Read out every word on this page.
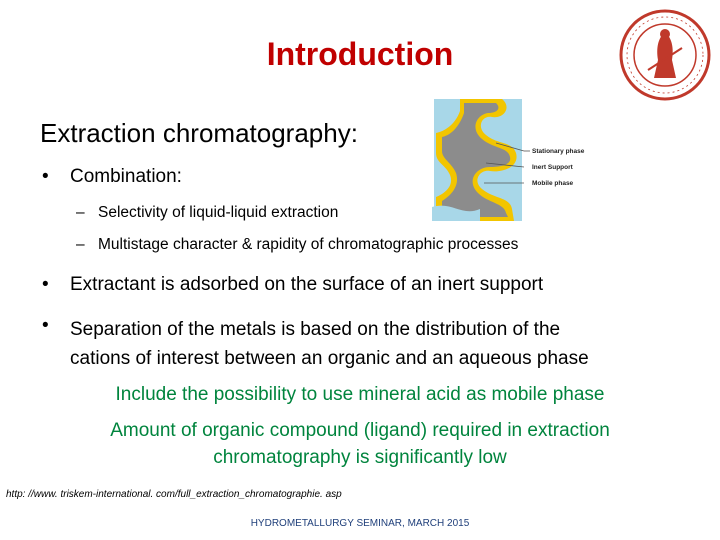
Introduction
Extraction chromatography:
Stationary phase
Inert Support
Mobile phase
• Combination:
– Selectivity of liquid-liquid extraction
– Multistage character & rapidity of chromatographic processes
• Extractant is adsorbed on the surface of an inert support
• Separation of the metals is based on the distribution of the
cations of interest between an organic and an aqueous phase
Include the possibility to use mineral acid as mobile phase
Amount of organic compound (ligand) required in extraction
chromatography is significantly low
http: //www. triskem-international. com/full_extraction_chromatographie. asp
HYDROMETALLURGY SEMINAR, MARCH 2015
